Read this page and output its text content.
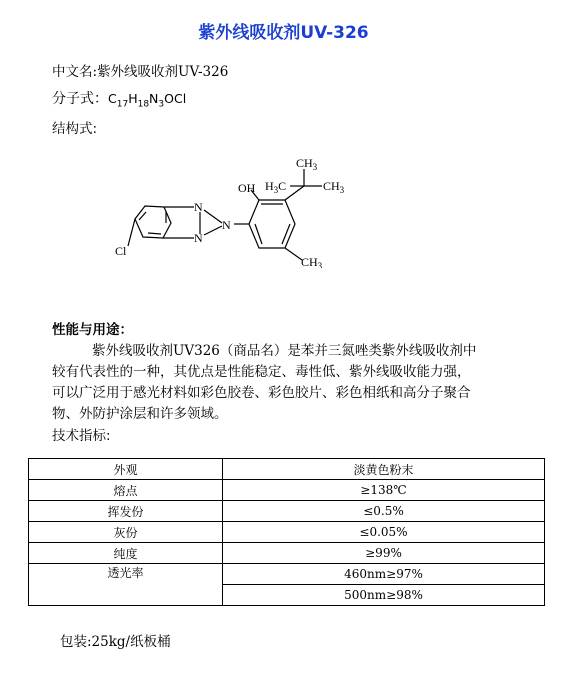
紫外线吸收剂UV-326
中文名:紫外线吸收剂UV-326
分子式：$C_{17}H_{18}N_3OCl$
结构式:
OH
$CH_3$
$H_3C$	$CH_3$
N
N
N
Cl
$CH_3$
性能与用途：

紫外线吸收剂UV326（商品名）是苯并三氮唑类紫外线吸收剂中

较有代表性的一种，其优点是性能稳定、毒性低、紫外线吸收能力强，

可以广泛用于感光材料如彩色胶卷、彩色胶片、彩色相纸和高分子聚合

物、外防护涂层和许多领域。

技术指标:
外观	淡黄色粉末
熔点	≥138℃
挥发份	≤0.5%
灰份	≤0.05%
纯度	≥99%
透光率	460nm≥97%
	500nm≥98%
包装:25kg/纸板桶
